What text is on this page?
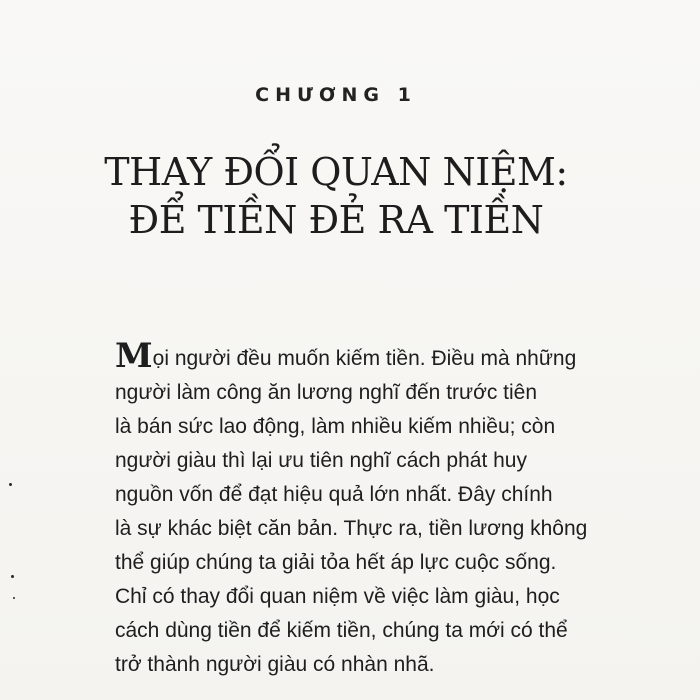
CHƯƠNG 1
THAY ĐỔI QUAN NIỆM:
ĐỂ TIỀN ĐẺ RA TIỀN
Mọi người đều muốn kiếm tiền. Điều mà những
người làm công ăn lương nghĩ đến trước tiên
là bán sức lao động, làm nhiều kiếm nhiều; còn
người giàu thì lại ưu tiên nghĩ cách phát huy
nguồn vốn để đạt hiệu quả lớn nhất. Đây chính
là sự khác biệt căn bản. Thực ra, tiền lương không
thể giúp chúng ta giải tỏa hết áp lực cuộc sống.
Chỉ có thay đổi quan niệm về việc làm giàu, học
cách dùng tiền để kiếm tiền, chúng ta mới có thể
trở thành người giàu có nhàn nhã.
